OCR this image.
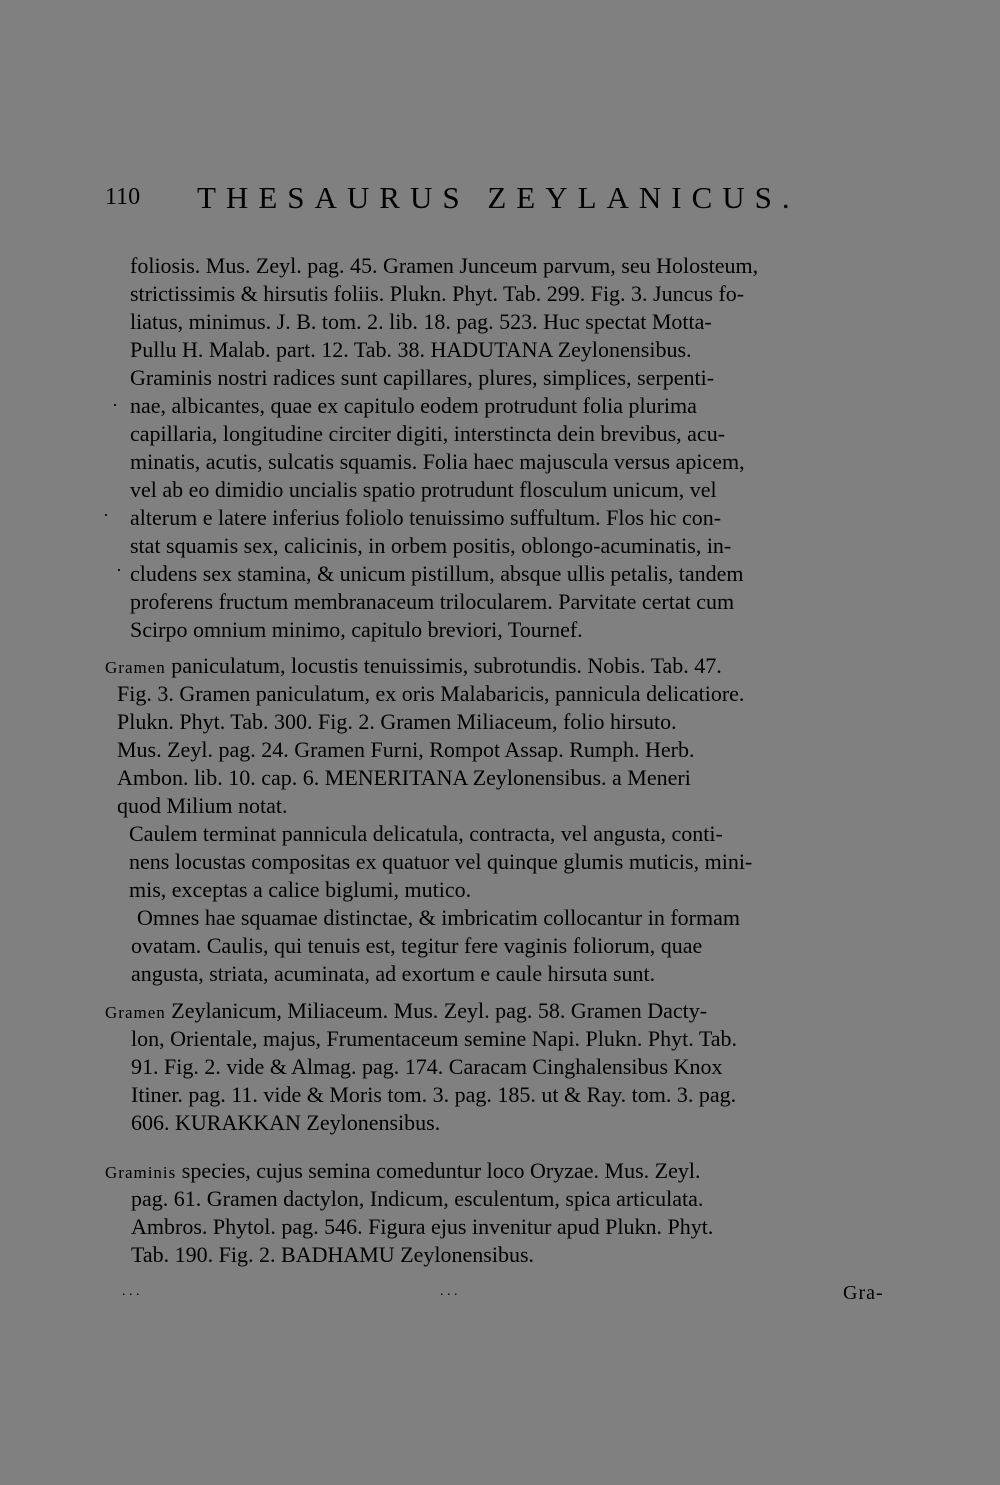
110 THESAURUS ZEYLANICUS.
foliosis. Mus. Zeyl. pag. 45. Gramen Junceum parvum, seu Holosteum,
strictissimis & hirsutis foliis. Plukn. Phyt. Tab. 299. Fig. 3. Juncus fo-
liatus, minimus. J. B. tom. 2. lib. 18. pag. 523. Huc spectat Motta-
Pullu H. Malab. part. 12. Tab. 38. HADUTANA Zeylonensibus.
Graminis nostri radices sunt capillares, plures, simplices, serpenti-
nae, albicantes, quae ex capitulo eodem protrudunt folia plurima
capillaria, longitudine circiter digiti, interstincta dein brevibus, acu-
minatis, acutis, sulcatis squamis. Folia haec majuscula versus apicem,
vel ab eo dimidio uncialis spatio protrudunt flosculum unicum, vel
alterum e latere inferius foliolo tenuissimo suffultum. Flos hic con-
stat squamis sex, calicinis, in orbem positis, oblongo-acuminatis, in-
cludens sex stamina, & unicum pistillum, absque ullis petalis, tandem
proferens fructum membranaceum trilocularem. Parvitate certat cum
Scirpo omnium minimo, capitulo breviori, Tournef.
Gramen paniculatum, locustis tenuissimis, subrotundis. Nobis. Tab. 47.
Fig. 3. Gramen paniculatum, ex oris Malabaricis, pannicula delicatiore.
Plukn. Phyt. Tab. 300. Fig. 2. Gramen Miliaceum, folio hirsuto.
Mus. Zeyl. pag. 24. Gramen Furni, Rompot Assap. Rumph. Herb.
Ambon. lib. 10. cap. 6. MENERITANA Zeylonensibus. a Meneri
quod Milium notat.
Caulem terminat pannicula delicatula, contracta, vel angusta, conti-
nens locustas compositas ex quatuor vel quinque glumis muticis, mini-
mis, exceptas a calice biglumi, mutico.
Omnes hae squamae distinctae, & imbricatim collocantur in formam
ovatam. Caulis, qui tenuis est, tegitur fere vaginis foliorum, quae
angusta, striata, acuminata, ad exortum e caule hirsuta sunt.
Gramen Zeylanicum, Miliaceum. Mus. Zeyl. pag. 58. Gramen Dacty-
lon, Orientale, majus, Frumentaceum semine Napi. Plukn. Phyt. Tab.
91. Fig. 2. vide & Almag. pag. 174. Caracam Cinghalensibus Knox
Itiner. pag. 11. vide & Moris tom. 3. pag. 185. ut & Ray. tom. 3. pag.
606. KURAKKAN Zeylonensibus.
Graminis species, cujus semina comeduntur loco Oryzae. Mus. Zeyl.
pag. 61. Gramen dactylon, Indicum, esculentum, spica articulata.
Ambros. Phytol. pag. 546. Figura ejus invenitur apud Plukn. Phyt.
Tab. 190. Fig. 2. BADHAMU Zeylonensibus.
·
·
·
. . .	. . .	Gra-
